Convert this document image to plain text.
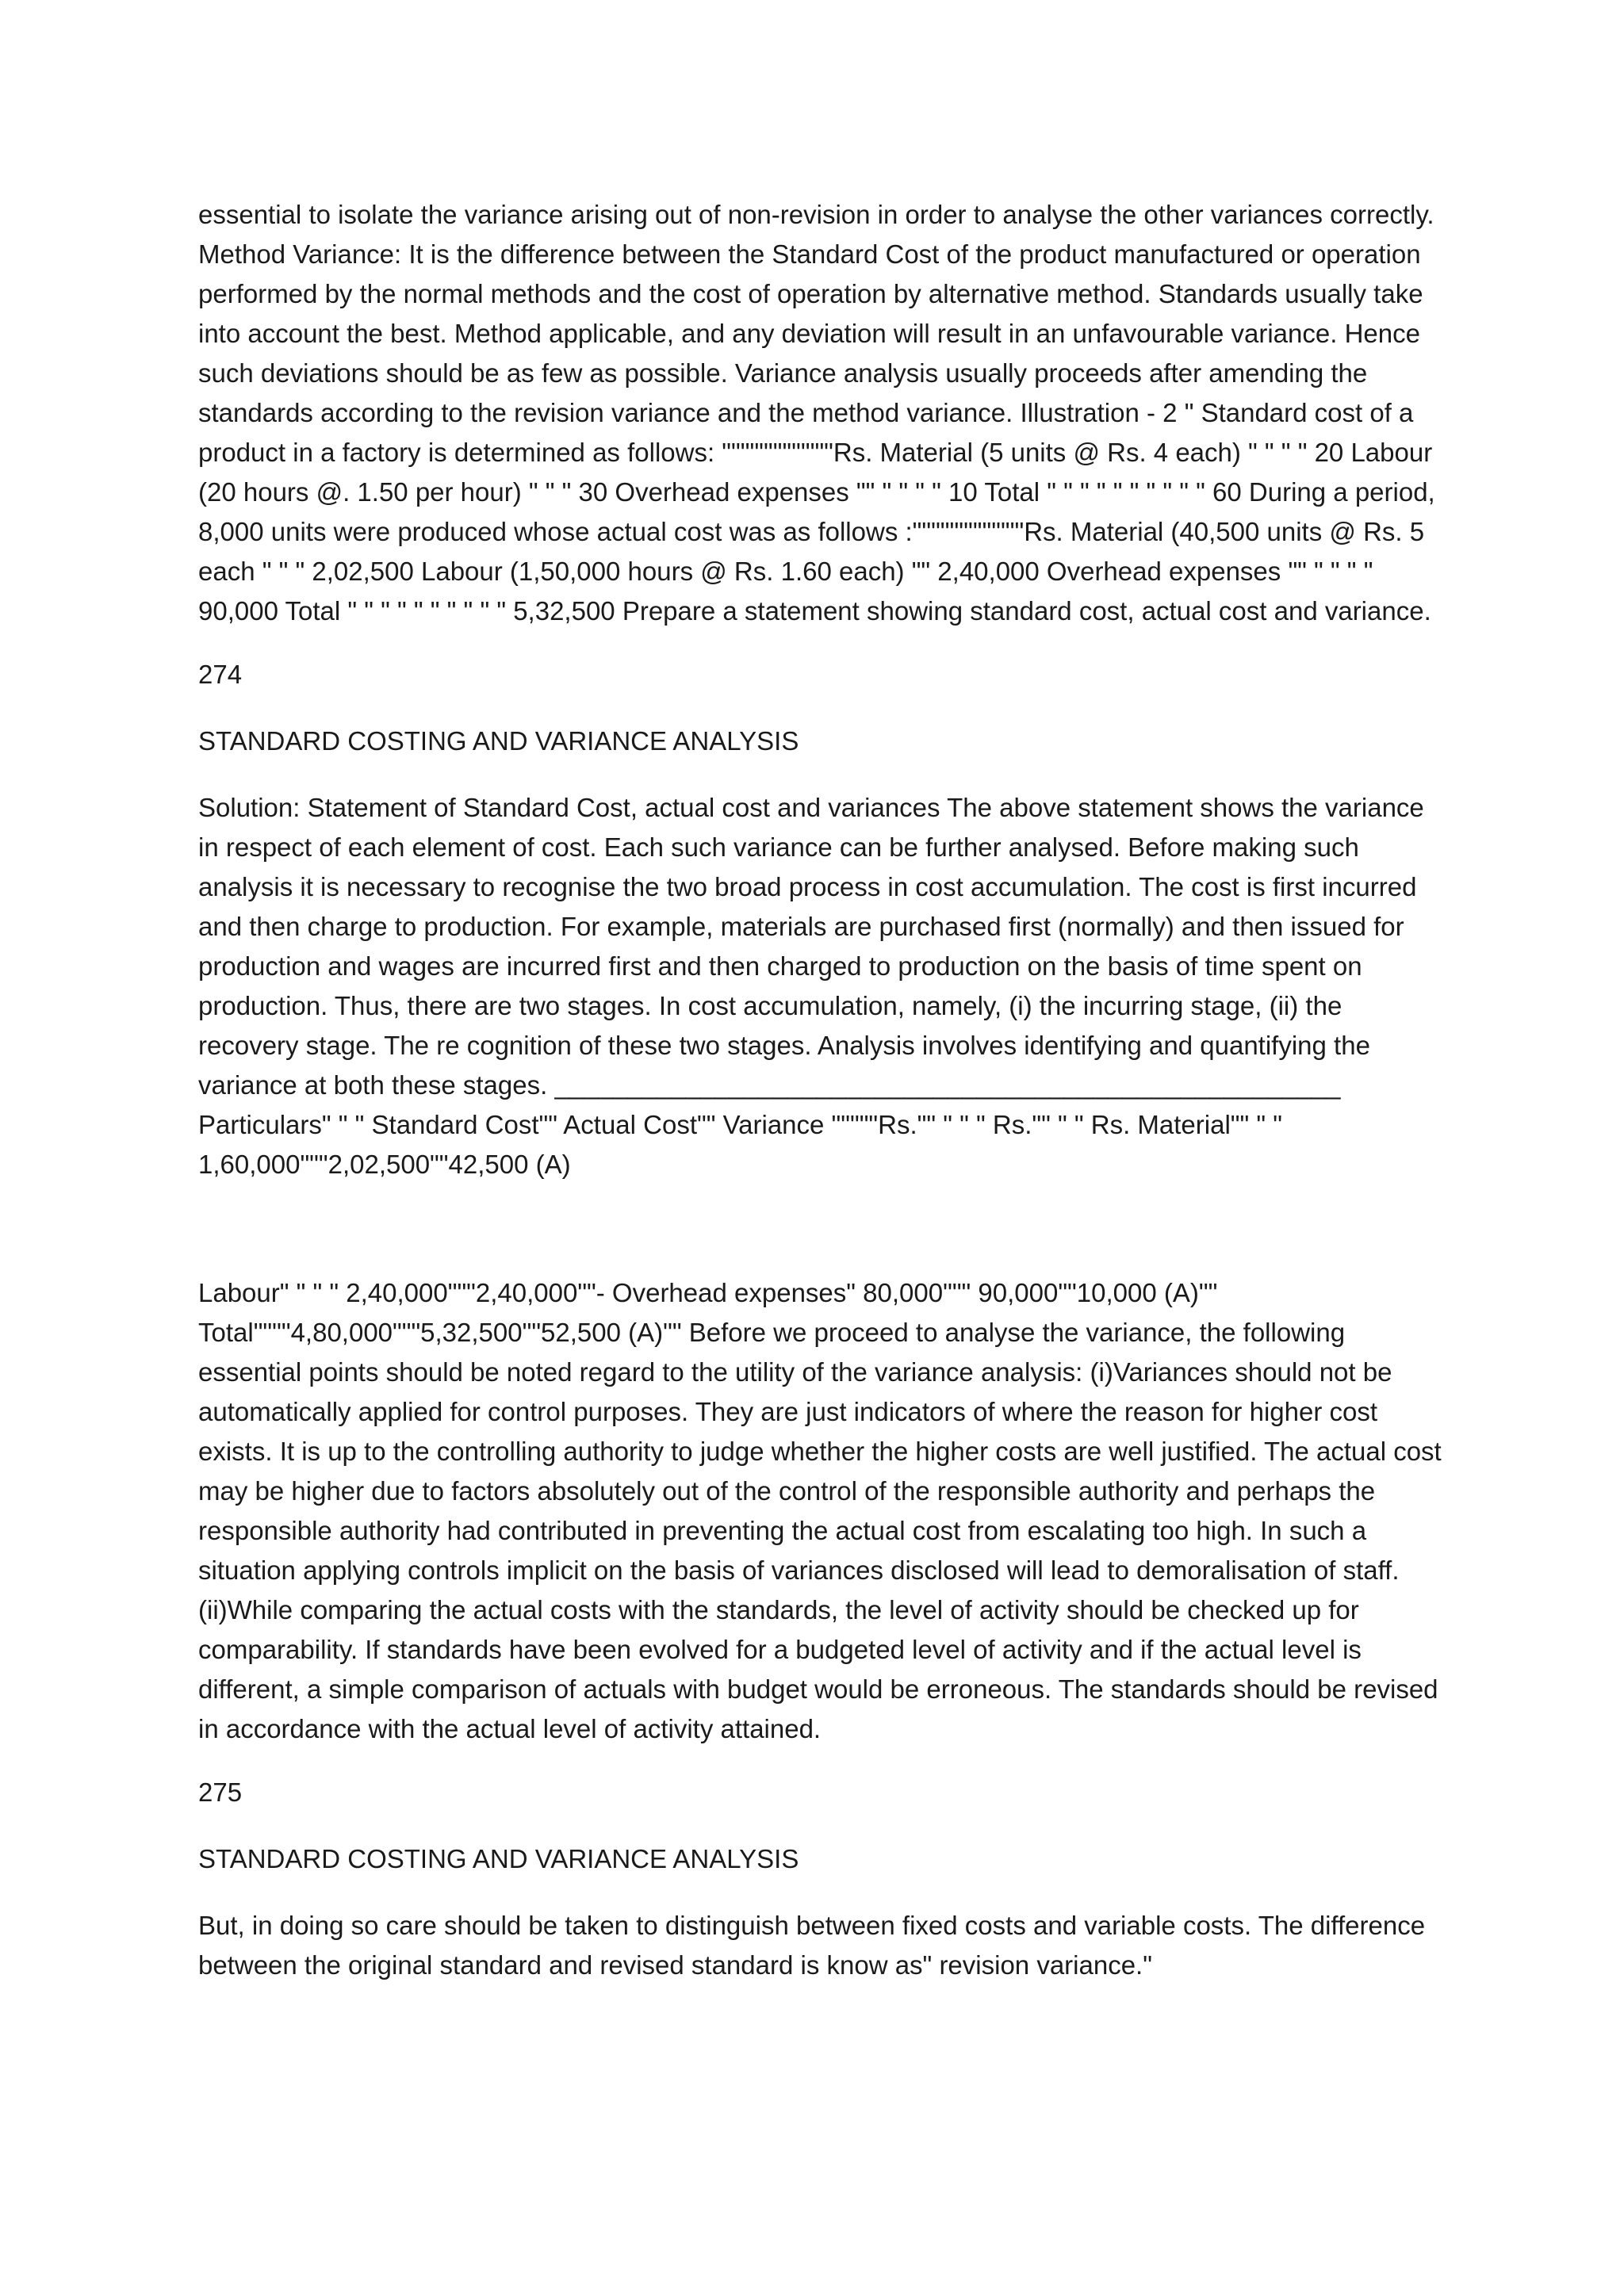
essential to isolate the variance arising out of non-revision in order to analyse the other variances correctly. Method Variance: It is the difference between the Standard Cost of the product manufactured or operation performed by the normal methods and the cost of operation by alternative method. Standards usually take into account the best. Method applicable, and any deviation will result in an unfavourable variance. Hence such deviations should be as few as possible. Variance analysis usually proceeds after amending the standards according to the revision variance and the method variance. Illustration - 2 " Standard cost of a product in a factory is determined as follows: """"""""""""Rs. Material (5 units @ Rs. 4 each) " " " " 20 Labour (20 hours @. 1.50 per hour) " " " 30 Overhead expenses "" " " " " 10 Total " " " " " " " " " " 60 During a period, 8,000 units were produced whose actual cost was as follows :""""""""""""Rs. Material (40,500 units @ Rs. 5 each " " " 2,02,500 Labour (1,50,000 hours @ Rs. 1.60 each) "" 2,40,000 Overhead expenses "" " " " " 90,000 Total " " " " " " " " " " 5,32,500 Prepare a statement showing standard cost, actual cost and variance.

274

STANDARD COSTING AND VARIANCE ANALYSIS

Solution: Statement of Standard Cost, actual cost and variances The above statement shows the variance in respect of each element of cost. Each such variance can be further analysed. Before making such analysis it is necessary to recognise the two broad process in cost accumulation. The cost is first incurred and then charge to production. For example, materials are purchased first (normally) and then issued for production and wages are incurred first and then charged to production on the basis of time spent on production. Thus, there are two stages. In cost accumulation, namely, (i) the incurring stage, (ii) the recovery stage. The re cognition of these two stages. Analysis involves identifying and quantifying the variance at both these stages. ______________________________________________________ Particulars" " " Standard Cost"" Actual Cost"" Variance """""Rs."" " " " Rs."" " " Rs. Material"" " " 1,60,000"""2,02,500""42,500 (A)

Labour" " " " 2,40,000"""2,40,000""- Overhead expenses" 80,000""" 90,000""10,000 (A)"" Total""""4,80,000"""5,32,500""52,500 (A)"" Before we proceed to analyse the variance, the following essential points should be noted regard to the utility of the variance analysis: (i)Variances should not be automatically applied for control purposes. They are just indicators of where the reason for higher cost exists. It is up to the controlling authority to judge whether the higher costs are well justified. The actual cost may be higher due to factors absolutely out of the control of the responsible authority and perhaps the responsible authority had contributed in preventing the actual cost from escalating too high. In such a situation applying controls implicit on the basis of variances disclosed will lead to demoralisation of staff. (ii)While comparing the actual costs with the standards, the level of activity should be checked up for comparability. If standards have been evolved for a budgeted level of activity and if the actual level is different, a simple comparison of actuals with budget would be erroneous. The standards should be revised in accordance with the actual level of activity attained.

275

STANDARD COSTING AND VARIANCE ANALYSIS

But, in doing so care should be taken to distinguish between fixed costs and variable costs. The difference between the original standard and revised standard is know as" revision variance."
